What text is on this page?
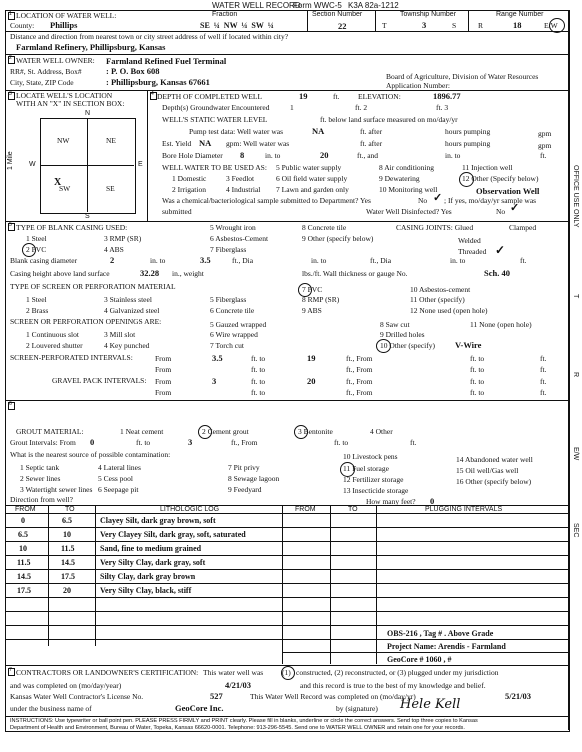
WATER WELL RECORD
Form WWC-5 K3A 82a-1212
1 LOCATION OF WATER WELL:	Fraction
County: Phillips	SE ¼ NW ¼ SW ¼
Section Number
22
Township Number
T	3	S
Range Number
R	18	E/W
Distance and direction from nearest town or city street address of well if located within city?
Farmland Refinery, Phillipsburg, Kansas
2 WATER WELL OWNER: Farmland Refined Fuel Terminal
RR#, St. Address, Box#	: P. O. Box 608
City, State, ZIP Code	: Phillipsburg, Kansas 67661
Board of Agriculture, Division of Water Resources
Application Number:
3 LOCATE WELL'S LOCATION
WITH AN "X" IN SECTION BOX:
N
NW	NE
SW	SE
X
W	E
S
1 Mile
4 DEPTH OF COMPLETED WELL	19	ft. ELEVATION:	1896.77
Depth(s) Groundwater Encountered	1	ft. 2	ft. 3
WELL'S STATIC WATER LEVEL	ft. below land surface measured on mo/day/yr
Pump test data: Well water was	NA	ft. after	hours pumping	gpm
Est. Yield NA gpm: Well water was	ft. after	hours pumping	gpm
Bore Hole Diameter 8	in. to	20	ft., and	in. to	ft.
WELL WATER TO BE USED AS: 5 Public water supply	8 Air conditioning	11 Injection well
1 Domestic	3 Feedlot	6 Oil field water supply	9 Dewatering	12 Other (Specify below)
2 Irrigation	4 Industrial 7 Lawn and garden only	10 Monitoring well	Observation Well
Was a chemical/bacteriological sample submitted to Department? Yes	No ✓ ; If yes, mo/day/yr sample was
submitted	Water Well Disinfected? Yes	No ✓
5 TYPE OF BLANK CASING USED:	5 Wrought iron	8 Concrete tile	CASING JOINTS: Glued	Clamped
1 Steel	3 RMP (SR)	6 Asbestos-Cement	9 Other (specify below)	Welded
2 PVC	4 ABS	7 Fiberglass	Threaded ✓
Blank casing diameter	2	in. to	3.5	ft., Dia	in. to	ft., Dia	in. to	ft.
Casing height above land surface	32.28 in., weight	lbs./ft. Wall thickness or gauge No.	Sch. 40
TYPE OF SCREEN OR PERFORATION MATERIAL	7 PVC	10 Asbestos-cement
1 Steel	3 Stainless steel	5 Fiberglass	8 RMP (SR)	11 Other (specify)
2 Brass	4 Galvanized steel	6 Concrete tile	9 ABS	12 None used (open hole)
SCREEN OR PERFORATION OPENINGS ARE:	5 Gauzed wrapped	8 Saw cut	11 None (open hole)
1 Continuous slot	3 Mill slot	6 Wire wrapped	9 Drilled holes
2 Louvered shutter	4 Key punched	7 Torch cut	10 Other (specify) V-Wire
SCREEN-PERFORATED INTERVALS:	From	3.5	ft. to	19	ft., From	ft. to	ft.
From	ft. to	ft., From	ft. to	ft.
GRAVEL PACK INTERVALS: From	3	ft. to	20	ft., From	ft. to	ft.
From	ft. to	ft., From	ft. to	ft.
6
GROUT MATERIAL:	1 Neat cement	2 Cement grout	3 Bentonite	4 Other
Grout Intervals: From 0	ft. to	3	ft., From	ft. to	ft.
What is the nearest source of possible contamination:
1 Septic tank	4 Lateral lines	7 Pit privy
10 Livestock pens	14 Abandoned water well
2 Sewer lines	5 Cess pool	8 Sewage lagoon
11 Fuel storage	15 Oil well/Gas well
3 Watertight sewer lines 6 Seepage pit	9 Feedyard
12 Fertilizer storage	16 Other (specify below)
13 Insecticide storage
Direction from well?	How many feet? 0
FROM	TO	LITHOLOGIC LOG	FROM	TO	PLUGGING INTERVALS
0	6.5	Clayey Silt, dark gray brown, soft
6.5	10	Very Clayey Silt, dark gray, soft, saturated
10	11.5	Sand, fine to medium grained
11.5	14.5	Very Silty Clay, dark gray, soft
14.5	17.5	Silty Clay, dark gray brown
17.5	20	Very Silty Clay, black, stiff
OBS-216 , Tag # . Above Grade
Project Name: Arendis - Farmland
GeoCore # 1060 , #
7 CONTRACTORS OR LANDOWNER'S CERTIFICATION: This water well was	(1) constructed, (2) reconstructed, or (3) plugged under my jurisdiction
and was completed on (mo/day/year)	4/21/03	and this record is true to the best of my knowledge and belief.
Kansas Water Well Contractor's License No.	527	This Water Well Record was completed on (mo/day/yr)	5/21/03
under the business name of	GeoCore Inc.	by (signature) Hele Kell
INSTRUCTIONS: Use typewriter or ball point pen. PLEASE PRESS FIRMLY and PRINT clearly. Please fill in blanks, underline or circle the correct answers. Send top three copies to Kansas
Department of Health and Environment, Bureau of Water, Topeka, Kansas 66620-0001. Telephone: 913-296-5545. Send one to WATER WELL OWNER and retain one for your records.
OFFICE USE ONLY
T
R
E/W
SEC
